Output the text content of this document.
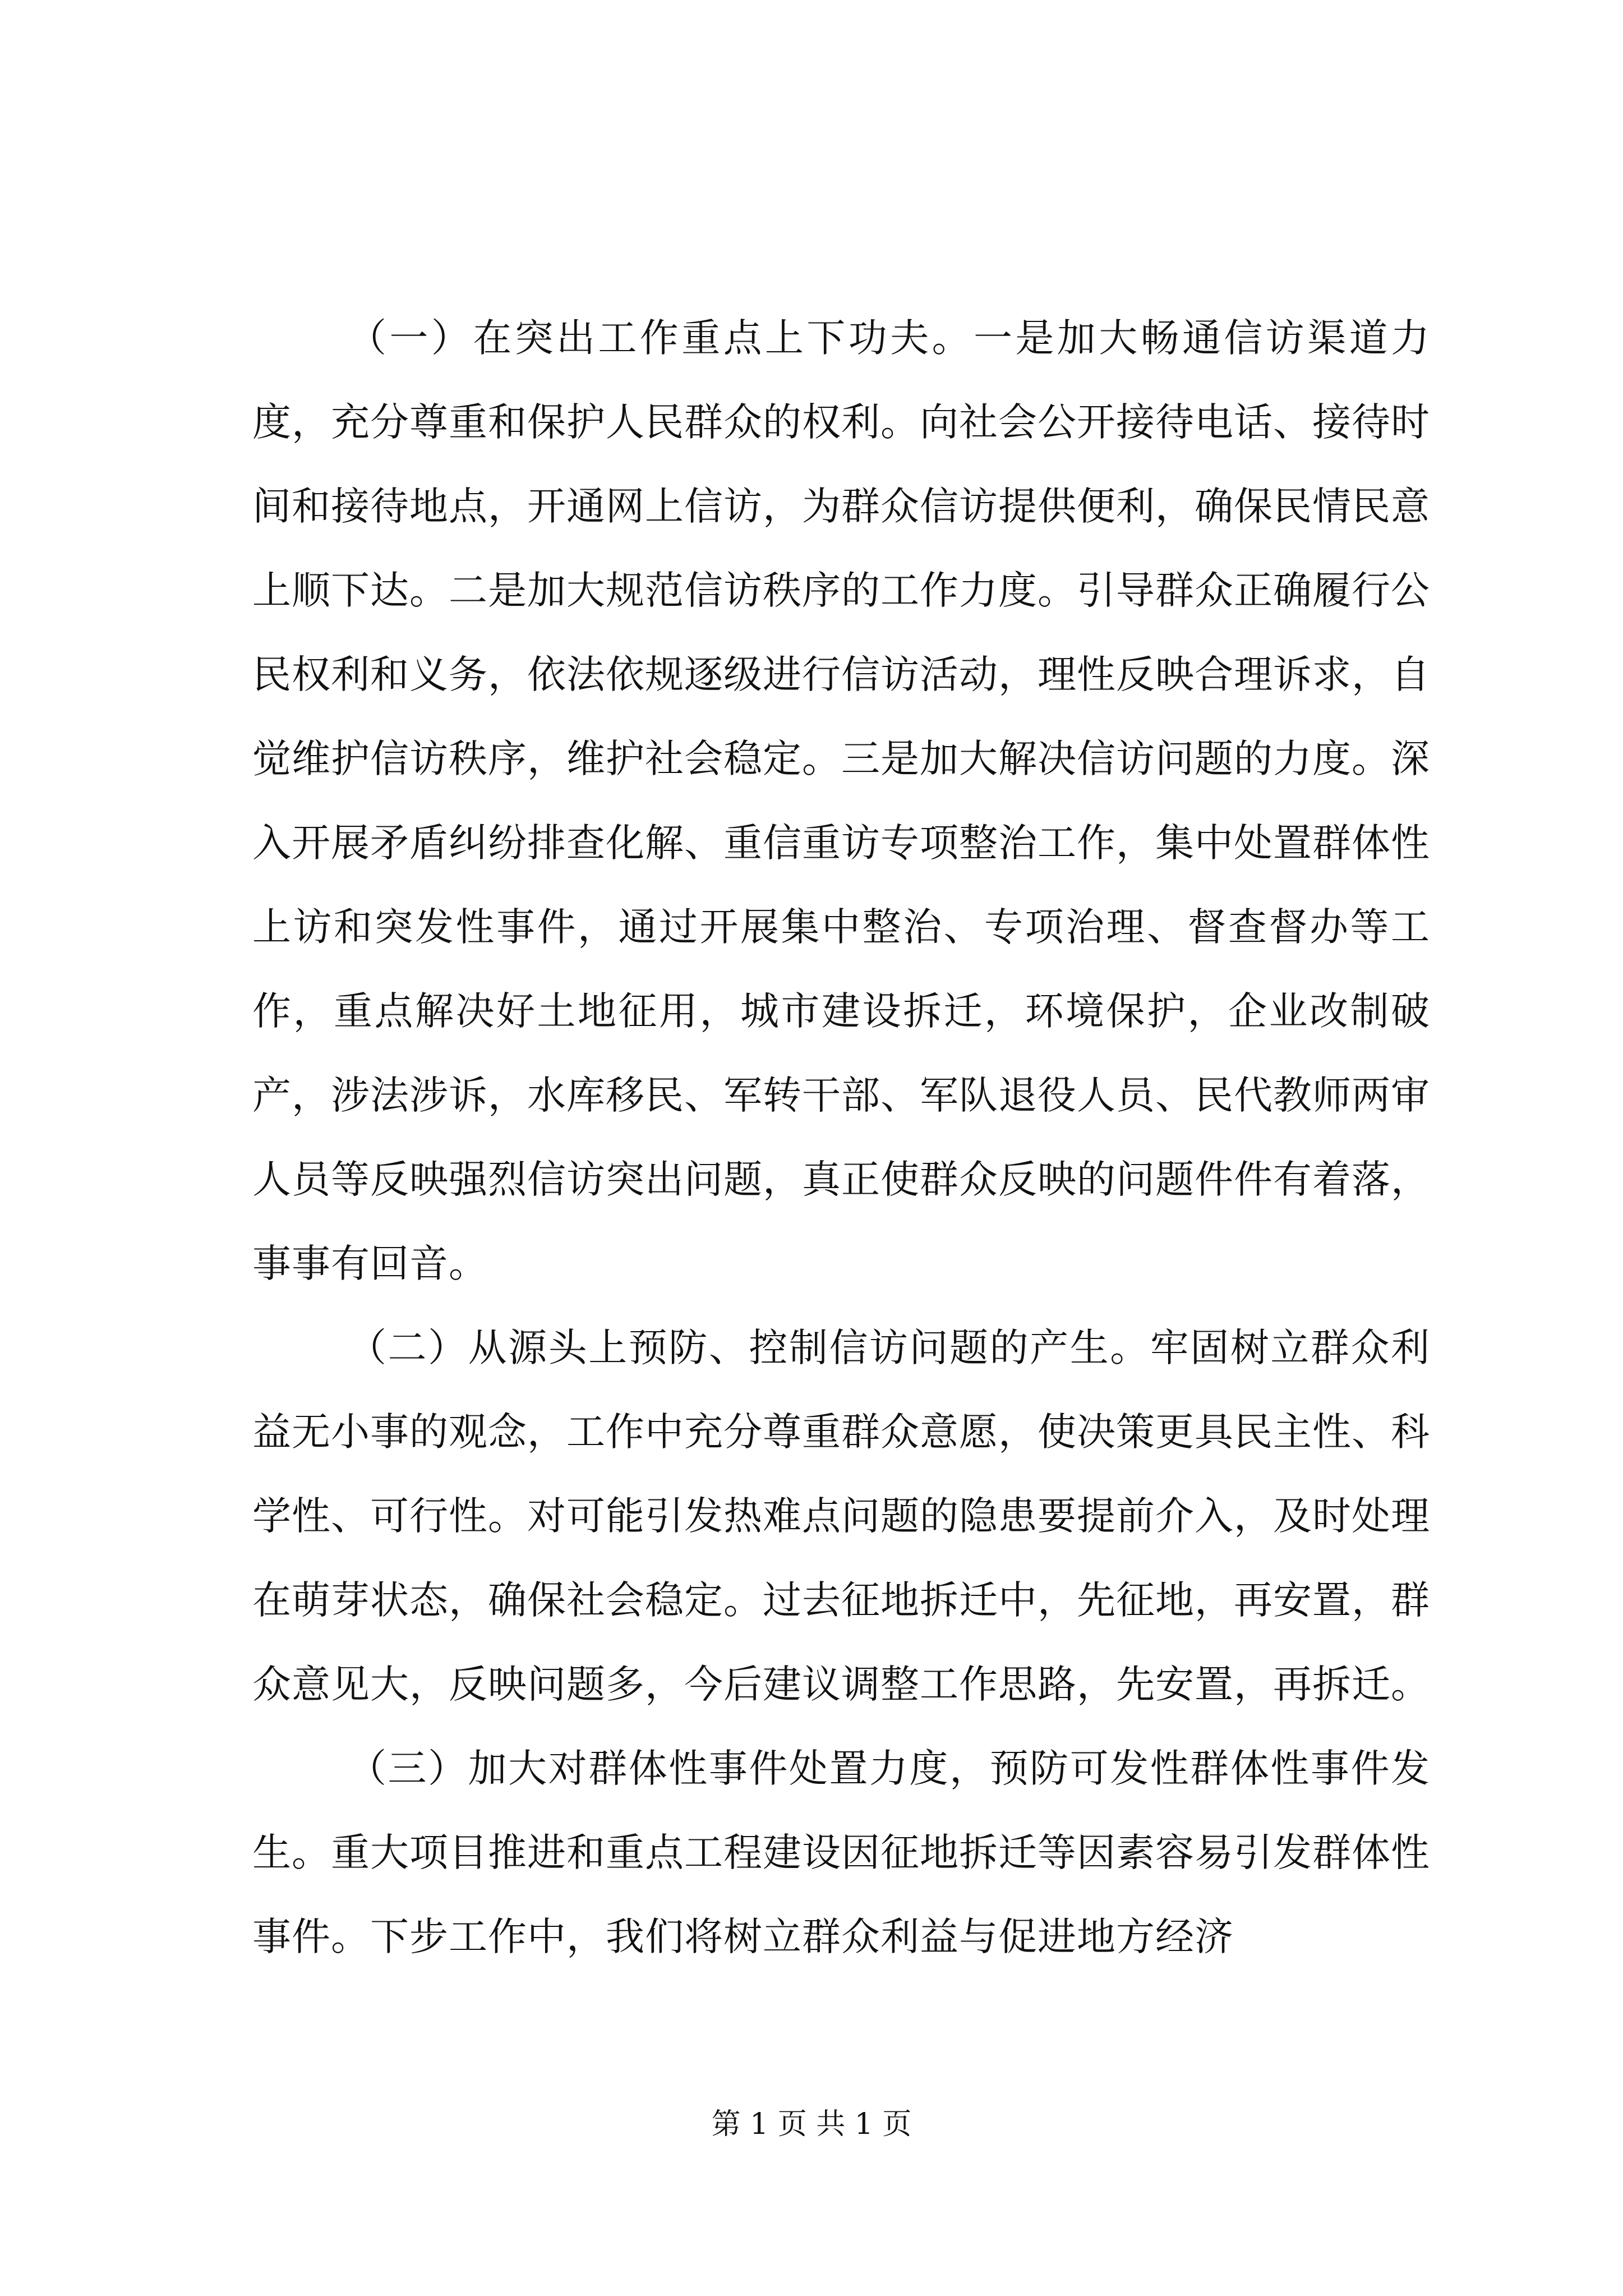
（一）在突出工作重点上下功夫。一是加大畅通信访渠道力度，充分尊重和保护人民群众的权利。向社会公开接待电话、接待时间和接待地点，开通网上信访，为群众信访提供便利，确保民情民意上顺下达。二是加大规范信访秩序的工作力度。引导群众正确履行公民权利和义务，依法依规逐级进行信访活动，理性反映合理诉求，自觉维护信访秩序，维护社会稳定。三是加大解决信访问题的力度。深入开展矛盾纠纷排查化解、重信重访专项整治工作，集中处置群体性上访和突发性事件，通过开展集中整治、专项治理、督查督办等工作，重点解决好土地征用，城市建设拆迁，环境保护，企业改制破产，涉法涉诉，水库移民、军转干部、军队退役人员、民代教师两审人员等反映强烈信访突出问题，真正使群众反映的问题件件有着落，事事有回音。

（二）从源头上预防、控制信访问题的产生。牢固树立群众利益无小事的观念，工作中充分尊重群众意愿，使决策更具民主性、科学性、可行性。对可能引发热难点问题的隐患要提前介入，及时处理在萌芽状态，确保社会稳定。过去征地拆迁中，先征地，再安置，群众意见大，反映问题多，今后建议调整工作思路，先安置，再拆迁。

（三）加大对群体性事件处置力度，预防可发性群体性事件发生。重大项目推进和重点工程建设因征地拆迁等因素容易引发群体性事件。下步工作中，我们将树立群众利益与促进地方经济

第 1 页 共 1 页
